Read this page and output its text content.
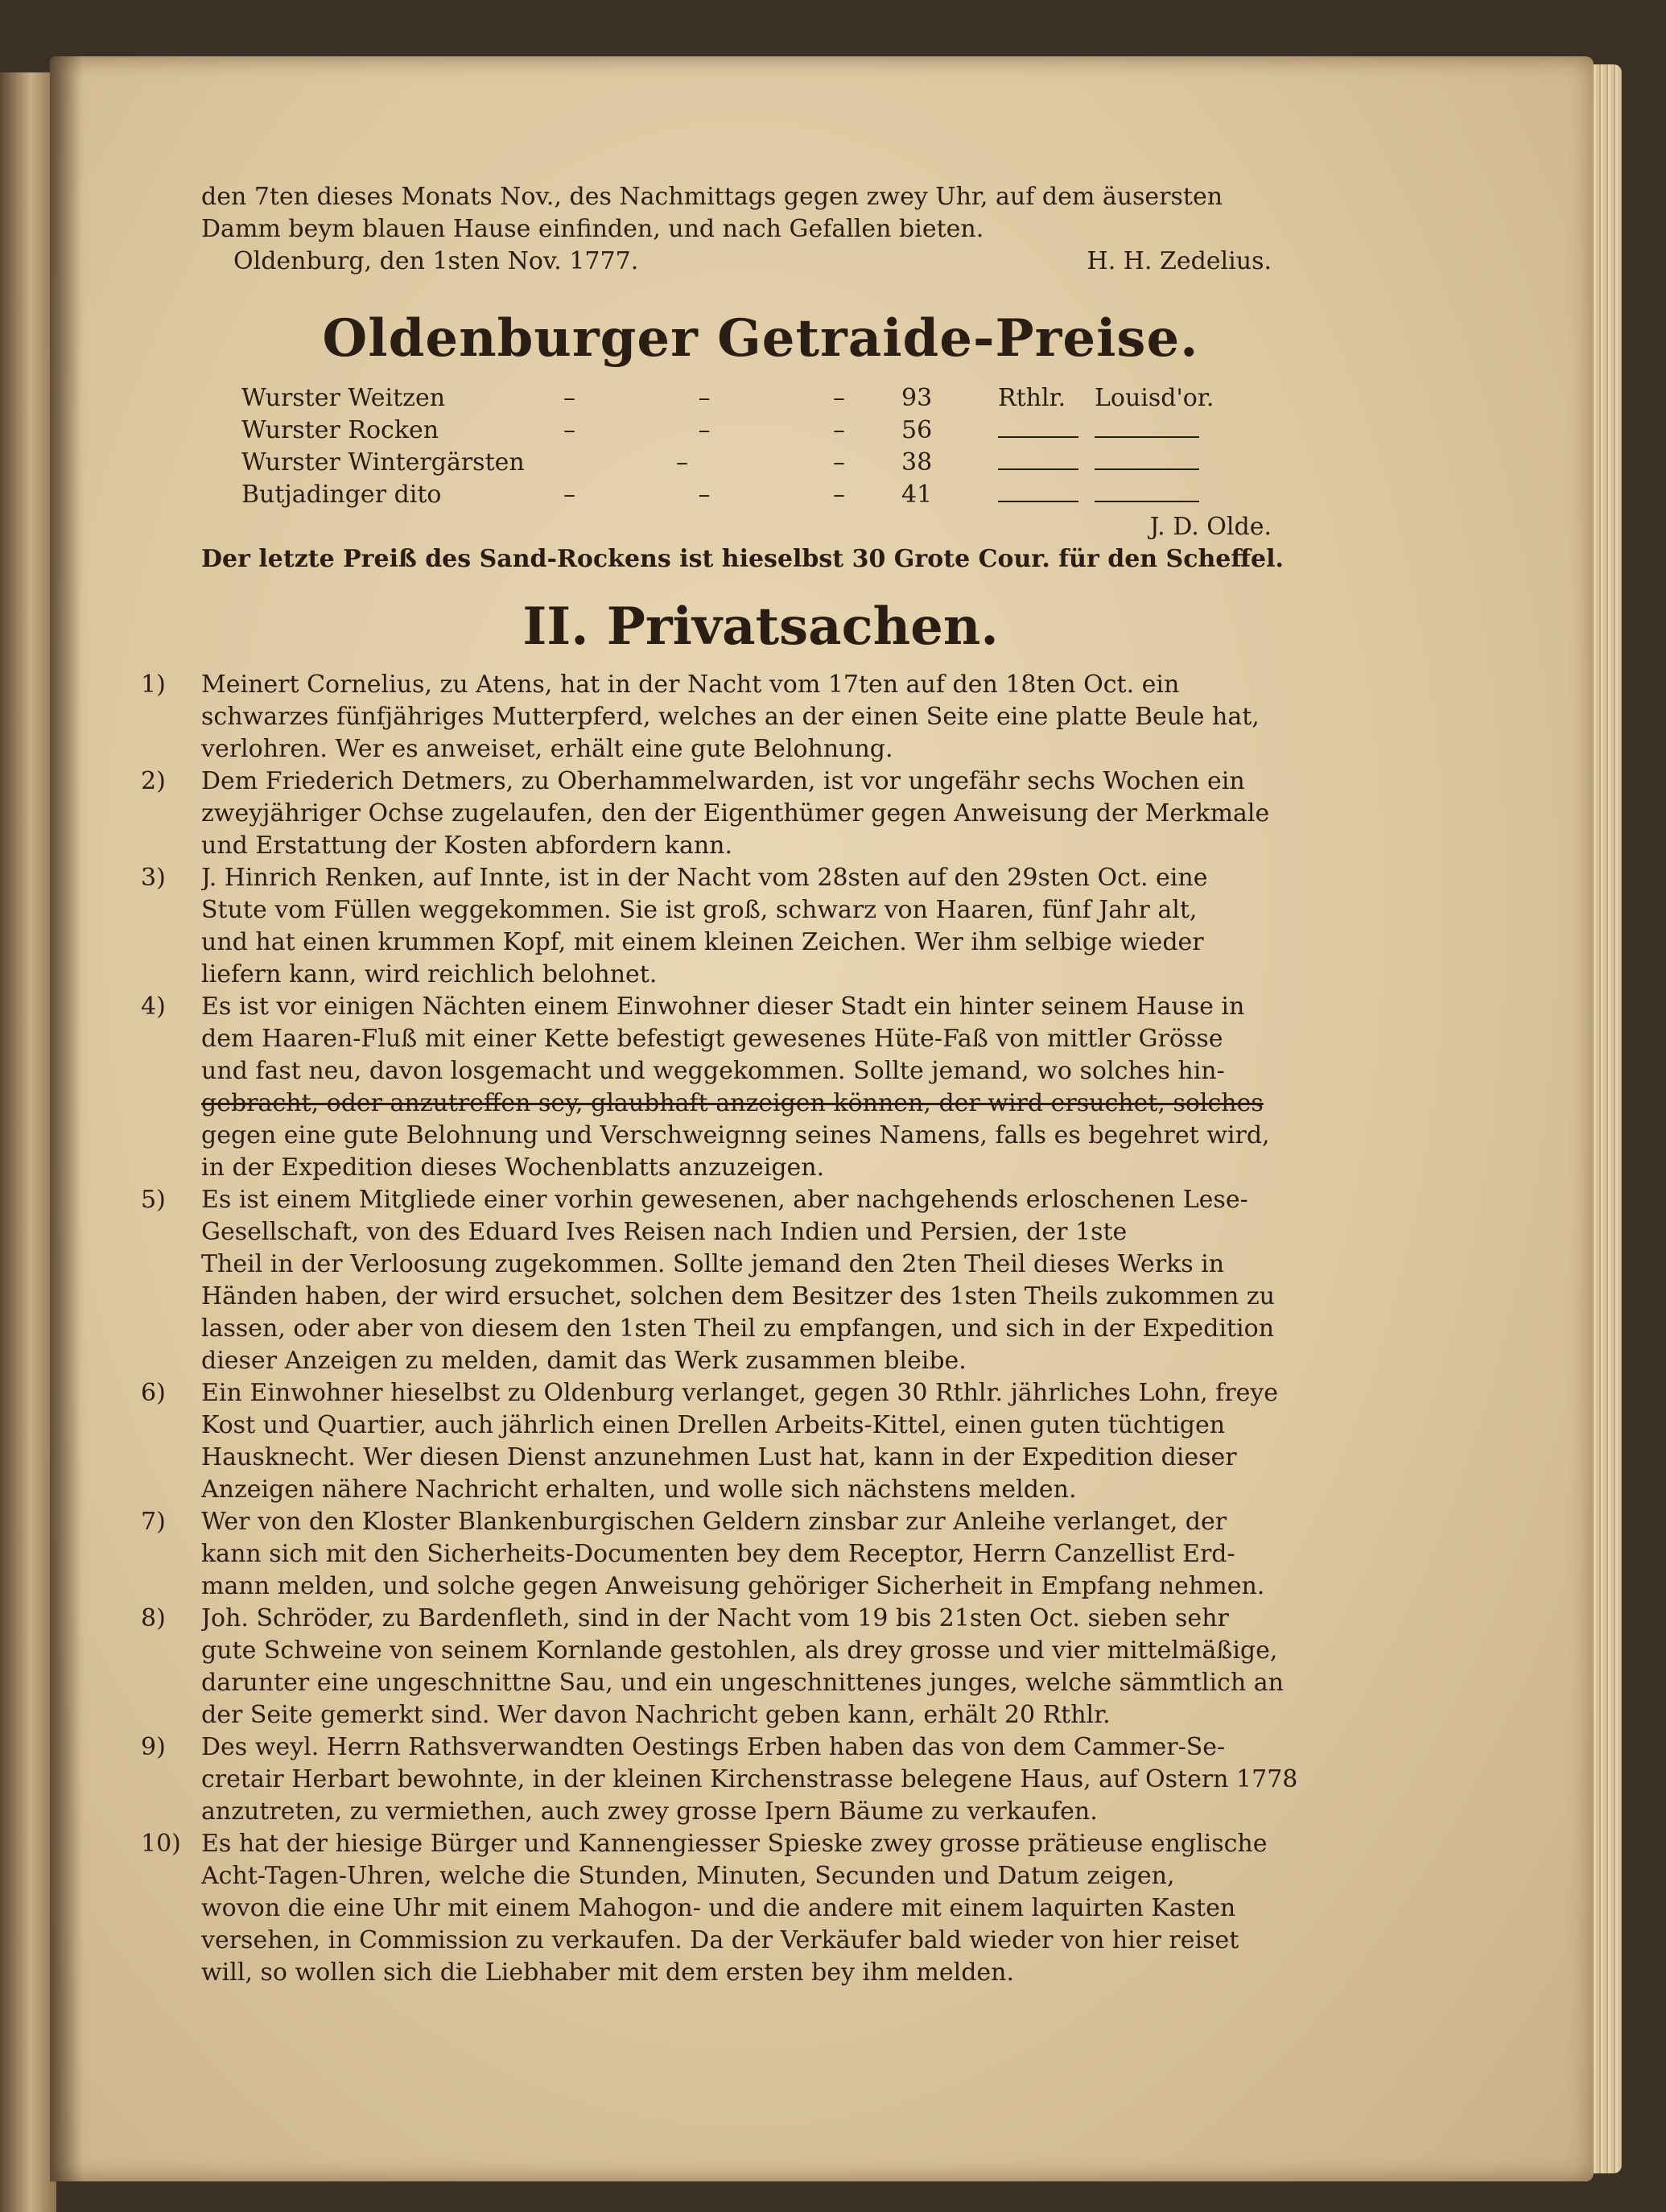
den 7ten dieses Monats Nov., des Nachmittags gegen zwey Uhr, auf dem äusersten
Damm beym blauen Hause einfinden, und nach Gefallen bieten.
Oldenburg, den 1sten Nov. 1777.	H. H. Zedelius.
Oldenburger Getraide-Preise.
Wurster Weitzen	–	–	– 93	Rthlr.	Louisd'or.
Wurster Rocken	–	–	– 56
Wurster Wintergärsten	–	– 38
Butjadinger dito	–	–	– 41
J. D. Olde.
Der letzte Preiß des Sand-Rockens ist hieselbst 30 Grote Cour. für den Scheffel.
II. Privatsachen.
1) Meinert Cornelius, zu Atens, hat in der Nacht vom 17ten auf den 18ten Oct. ein
schwarzes fünfjähriges Mutterpferd, welches an der einen Seite eine platte Beule hat,
verlohren. Wer es anweiset, erhält eine gute Belohnung.
2) Dem Friederich Detmers, zu Oberhammelwarden, ist vor ungefähr sechs Wochen ein
zweyjähriger Ochse zugelaufen, den der Eigenthümer gegen Anweisung der Merkmale
und Erstattung der Kosten abfordern kann.
3) J. Hinrich Renken, auf Innte, ist in der Nacht vom 28sten auf den 29sten Oct. eine
Stute vom Füllen weggekommen. Sie ist groß, schwarz von Haaren, fünf Jahr alt,
und hat einen krummen Kopf, mit einem kleinen Zeichen. Wer ihm selbige wieder
liefern kann, wird reichlich belohnet.
4) Es ist vor einigen Nächten einem Einwohner dieser Stadt ein hinter seinem Hause in
dem Haaren-Fluß mit einer Kette befestigt gewesenes Hüte-Faß von mittler Grösse
und fast neu, davon losgemacht und weggekommen. Sollte jemand, wo solches hin-
gebracht, oder anzutreffen sey, glaubhaft anzeigen können, der wird ersuchet, solches
gegen eine gute Belohnung und Verschweignng seines Namens, falls es begehret wird,
in der Expedition dieses Wochenblatts anzuzeigen.
5) Es ist einem Mitgliede einer vorhin gewesenen, aber nachgehends erloschenen Lese-
Gesellschaft, von des Eduard Ives Reisen nach Indien und Persien, der 1ste
Theil in der Verloosung zugekommen. Sollte jemand den 2ten Theil dieses Werks in
Händen haben, der wird ersuchet, solchen dem Besitzer des 1sten Theils zukommen zu
lassen, oder aber von diesem den 1sten Theil zu empfangen, und sich in der Expedition
dieser Anzeigen zu melden, damit das Werk zusammen bleibe.
6) Ein Einwohner hieselbst zu Oldenburg verlanget, gegen 30 Rthlr. jährliches Lohn, freye
Kost und Quartier, auch jährlich einen Drellen Arbeits-Kittel, einen guten tüchtigen
Hausknecht. Wer diesen Dienst anzunehmen Lust hat, kann in der Expedition dieser
Anzeigen nähere Nachricht erhalten, und wolle sich nächstens melden.
7) Wer von den Kloster Blankenburgischen Geldern zinsbar zur Anleihe verlanget, der
kann sich mit den Sicherheits-Documenten bey dem Receptor, Herrn Canzellist Erd-
mann melden, und solche gegen Anweisung gehöriger Sicherheit in Empfang nehmen.
8) Joh. Schröder, zu Bardenfleth, sind in der Nacht vom 19 bis 21sten Oct. sieben sehr
gute Schweine von seinem Kornlande gestohlen, als drey grosse und vier mittelmäßige,
darunter eine ungeschnittne Sau, und ein ungeschnittenes junges, welche sämmtlich an
der Seite gemerkt sind. Wer davon Nachricht geben kann, erhält 20 Rthlr.
9) Des weyl. Herrn Rathsverwandten Oestings Erben haben das von dem Cammer-Se-
cretair Herbart bewohnte, in der kleinen Kirchenstrasse belegene Haus, auf Ostern 1778
anzutreten, zu vermiethen, auch zwey grosse Ipern Bäume zu verkaufen.
10) Es hat der hiesige Bürger und Kannengiesser Spieske zwey grosse prätieuse englische
Acht-Tagen-Uhren, welche die Stunden, Minuten, Secunden und Datum zeigen,
wovon die eine Uhr mit einem Mahogon- und die andere mit einem laquirten Kasten
versehen, in Commission zu verkaufen. Da der Verkäufer bald wieder von hier reiset
will, so wollen sich die Liebhaber mit dem ersten bey ihm melden.
